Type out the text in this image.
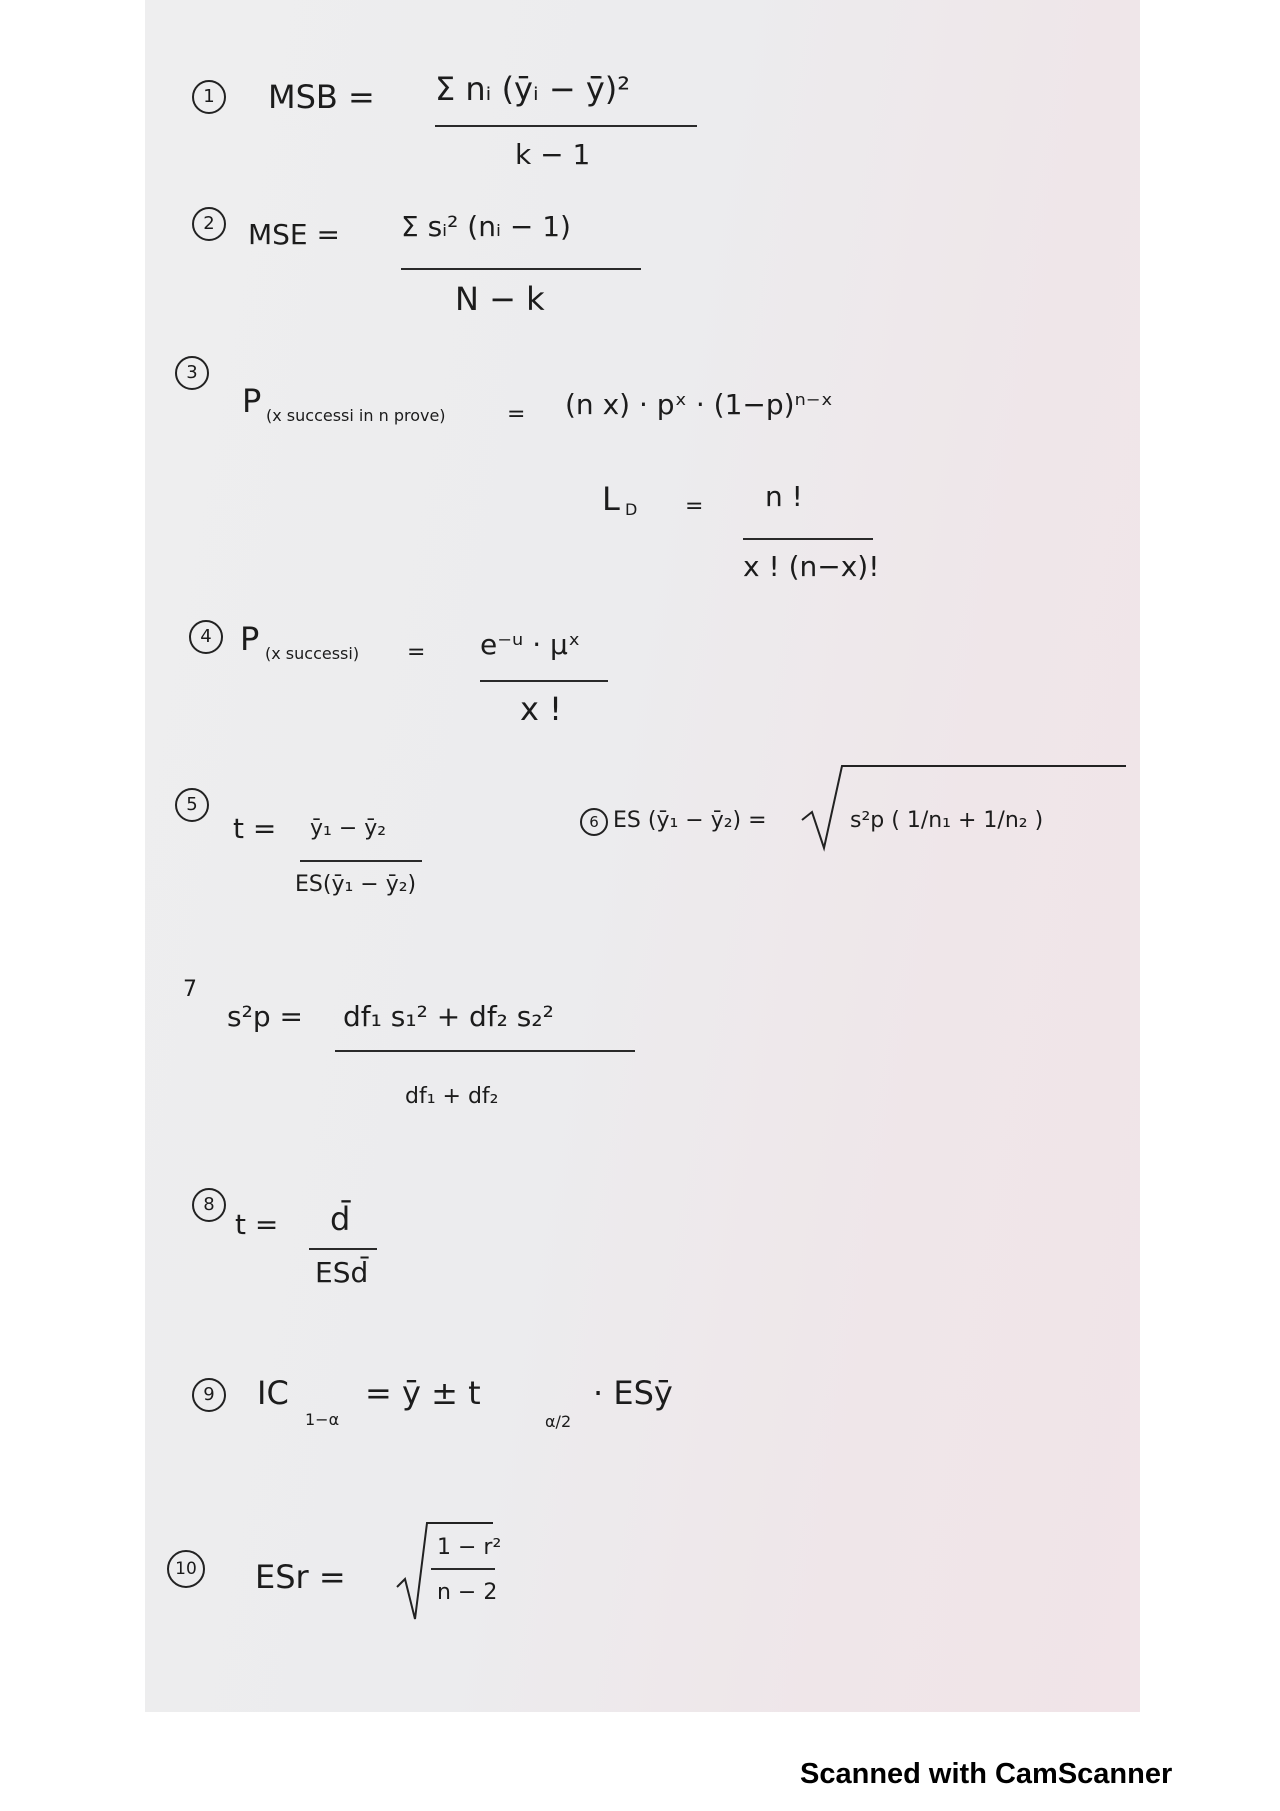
1	MSB = Σ nᵢ (ȳᵢ − ȳ̄)²
k − 1
2	MSE = Σ sᵢ² (nᵢ − 1)
N − k
3
P (x successi in n prove)	= (n x) · pˣ · (1−p)ⁿ⁻ˣ
L D = n !
x ! (n−x)!
4 P (x successi) = e⁻ᵘ · μˣ
x !
5
t = ȳ₁ − ȳ₂
ES(ȳ₁ − ȳ₂)
6 ES (ȳ₁ − ȳ₂) =	s²p ( 1/n₁ + 1/n₂ )
7
s²p = df₁ s₁² + df₂ s₂²
df₁ + df₂
8
t = d̄
ESd̄
9	IC
1−α
= ȳ ± t
α/2
· ESȳ
10 ESr =
1 − r²
n − 2
Scanned with CamScanner
